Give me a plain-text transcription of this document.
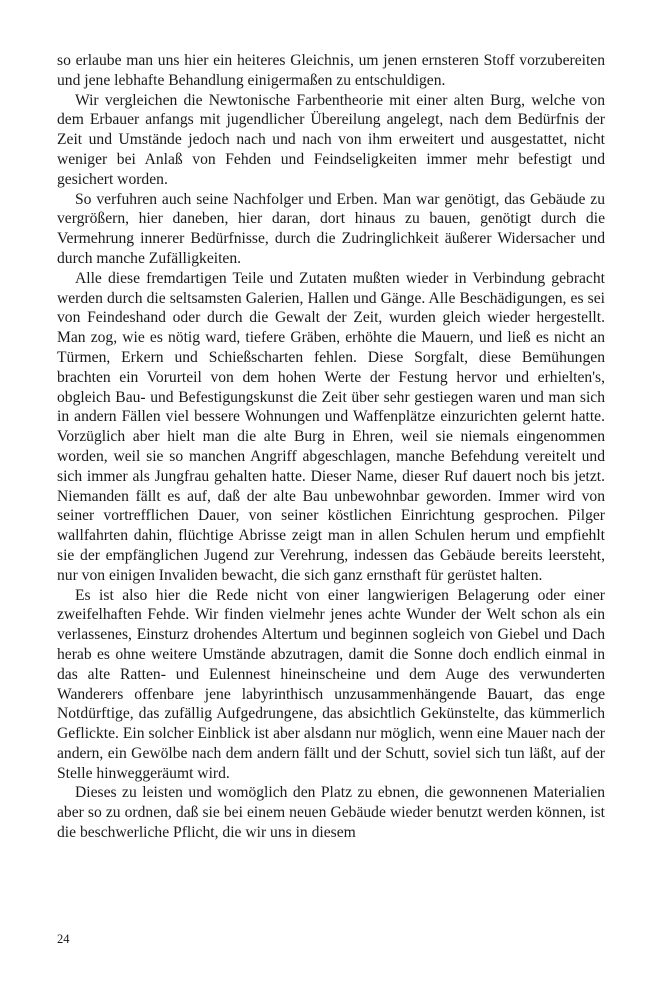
so erlaube man uns hier ein heiteres Gleichnis, um jenen ernsteren Stoff vorzubereiten und jene lebhafte Behandlung einigermaßen zu entschuldigen.

Wir vergleichen die Newtonische Farbentheorie mit einer alten Burg, welche von dem Erbauer anfangs mit jugendlicher Übereilung angelegt, nach dem Bedürfnis der Zeit und Umstände jedoch nach und nach von ihm erweitert und ausgestattet, nicht weniger bei Anlaß von Fehden und Feindseligkeiten immer mehr befestigt und gesichert worden.

So verfuhren auch seine Nachfolger und Erben. Man war genötigt, das Gebäude zu vergrößern, hier daneben, hier daran, dort hinaus zu bauen, genötigt durch die Vermehrung innerer Bedürfnisse, durch die Zudringlichkeit äußerer Widersacher und durch manche Zufälligkeiten.

Alle diese fremdartigen Teile und Zutaten mußten wieder in Verbindung gebracht werden durch die seltsamsten Galerien, Hallen und Gänge. Alle Beschädigungen, es sei von Feindeshand oder durch die Gewalt der Zeit, wurden gleich wieder hergestellt. Man zog, wie es nötig ward, tiefere Gräben, erhöhte die Mauern, und ließ es nicht an Türmen, Erkern und Schießscharten fehlen. Diese Sorgfalt, diese Bemühungen brachten ein Vorurteil von dem hohen Werte der Festung hervor und erhielten's, obgleich Bau- und Befestigungskunst die Zeit über sehr gestiegen waren und man sich in andern Fällen viel bessere Wohnungen und Waffenplätze einzurichten gelernt hatte. Vorzüglich aber hielt man die alte Burg in Ehren, weil sie niemals eingenommen worden, weil sie so manchen Angriff abgeschlagen, manche Befehdung vereitelt und sich immer als Jungfrau gehalten hatte. Dieser Name, dieser Ruf dauert noch bis jetzt. Niemanden fällt es auf, daß der alte Bau unbewohnbar geworden. Immer wird von seiner vortrefflichen Dauer, von seiner köstlichen Einrichtung gesprochen. Pilger wallfahrten dahin, flüchtige Abrisse zeigt man in allen Schulen herum und empfiehlt sie der empfänglichen Jugend zur Verehrung, indessen das Gebäude bereits leersteht, nur von einigen Invaliden bewacht, die sich ganz ernsthaft für gerüstet halten.

Es ist also hier die Rede nicht von einer langwierigen Belagerung oder einer zweifelhaften Fehde. Wir finden vielmehr jenes achte Wunder der Welt schon als ein verlassenes, Einsturz drohendes Altertum und beginnen sogleich von Giebel und Dach herab es ohne weitere Umstände abzutragen, damit die Sonne doch endlich einmal in das alte Ratten- und Eulennest hineinscheine und dem Auge des verwunderten Wanderers offenbare jene labyrinthisch unzusammenhängende Bauart, das enge Notdürftige, das zufällig Aufgedrungene, das absichtlich Gekünstelte, das kümmerlich Geflickte. Ein solcher Einblick ist aber alsdann nur möglich, wenn eine Mauer nach der andern, ein Gewölbe nach dem andern fällt und der Schutt, soviel sich tun läßt, auf der Stelle hinweggeräumt wird.

Dieses zu leisten und womöglich den Platz zu ebnen, die gewonnenen Materialien aber so zu ordnen, daß sie bei einem neuen Gebäude wieder benutzt werden können, ist die beschwerliche Pflicht, die wir uns in diesem

24
